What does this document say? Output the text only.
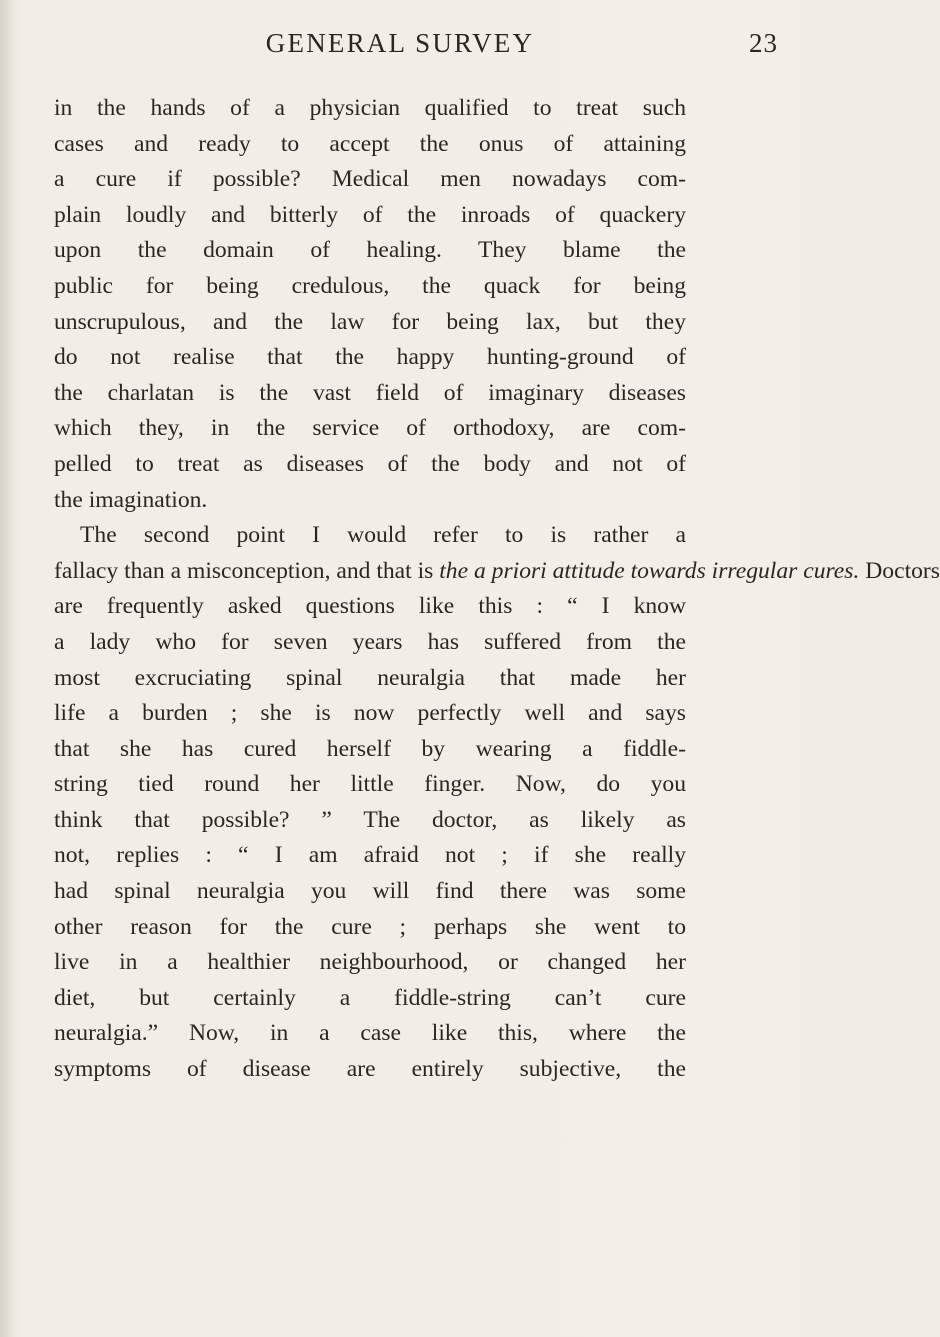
GENERAL SURVEY	23
in the hands of a physician qualified to treat such
cases and ready to accept the onus of attaining
a cure if possible? Medical men nowadays com-
plain loudly and bitterly of the inroads of quackery
upon the domain of healing. They blame the
public for being credulous, the quack for being
unscrupulous, and the law for being lax, but they
do not realise that the happy hunting-ground of
the charlatan is the vast field of imaginary diseases
which they, in the service of orthodoxy, are com-
pelled to treat as diseases of the body and not of
the imagination.
The second point I would refer to is rather a
fallacy than a misconception, and that is the a priori attitude towards irregular cures. Doctors
are frequently asked questions like this : “ I know
a lady who for seven years has suffered from the
most excruciating spinal neuralgia that made her
life a burden ; she is now perfectly well and says
that she has cured herself by wearing a fiddle-
string tied round her little finger. Now, do you
think that possible? ” The doctor, as likely as
not, replies : “ I am afraid not ; if she really
had spinal neuralgia you will find there was some
other reason for the cure ; perhaps she went to
live in a healthier neighbourhood, or changed her
diet, but certainly a fiddle-string can’t cure
neuralgia.” Now, in a case like this, where the
symptoms of disease are entirely subjective, the
